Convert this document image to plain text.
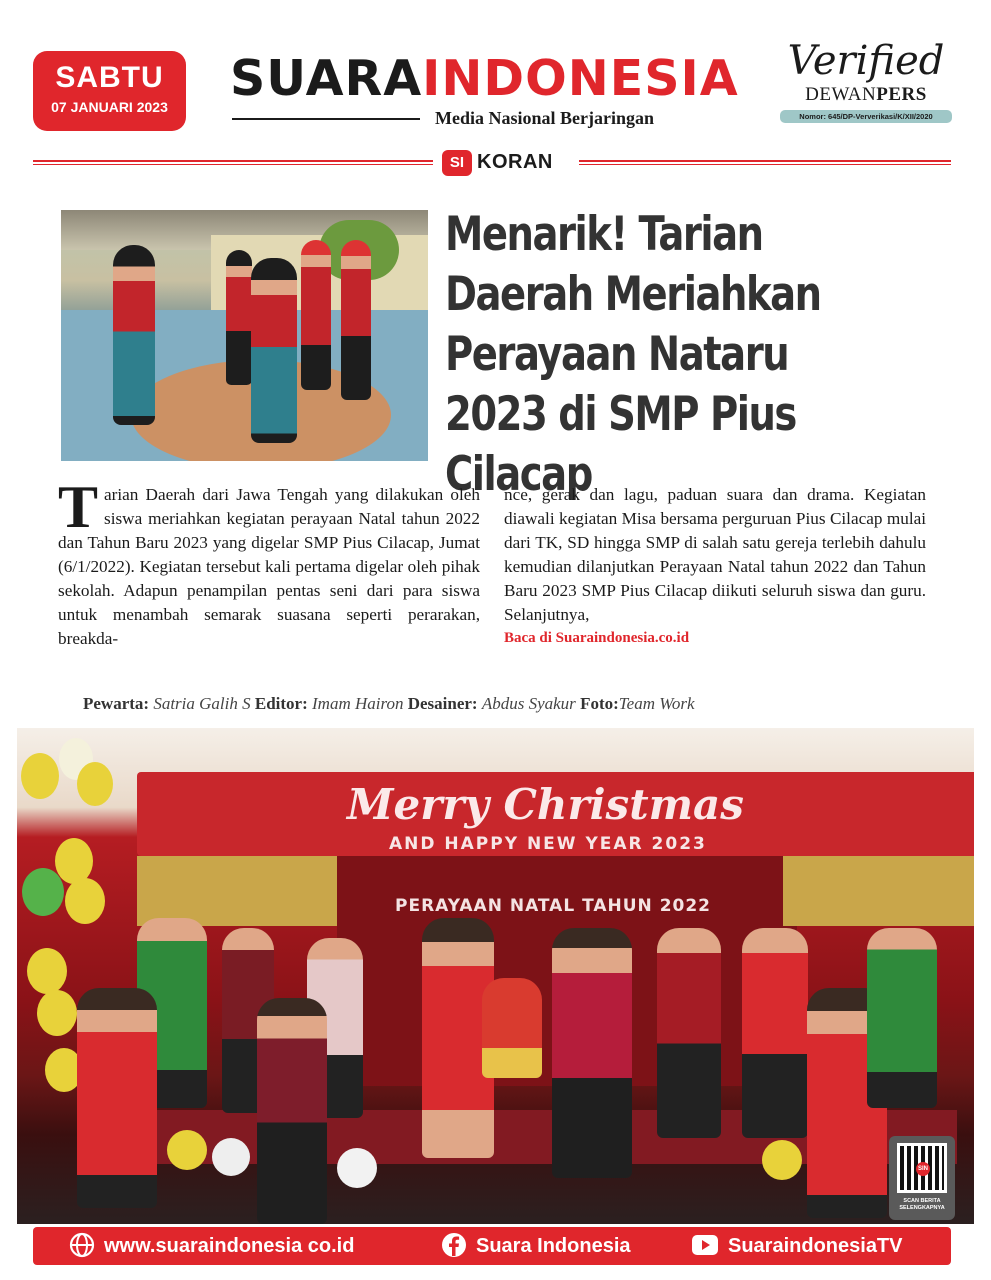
SABTU
07 JANUARI 2023	SUARAINDONESIA
Media Nasional Berjaringan
Verified
DEWANPERS
Nomor: 645/DP-Ververikasi/K/XII/2020
SI KORAN
Menarik! Tarian Daerah Meriahkan Perayaan Nataru 2023 di SMP Pius Cilacap
Tarian Daerah dari Jawa Tengah yang dilakukan oleh siswa meriahkan kegiatan perayaan Natal tahun 2022 dan Tahun Baru 2023 yang digelar SMP Pius Cilacap, Jumat (6/1/2022). Kegiatan tersebut kali pertama digelar oleh pihak sekolah. Adapun penampilan pentas seni dari para siswa untuk menambah semarak suasana seperti perarakan, breakda-
nce, gerak dan lagu, paduan suara dan drama. Kegiatan diawali kegiatan Misa bersama perguruan Pius Cilacap mulai dari TK, SD hingga SMP di salah satu gereja terlebih dahulu kemudian dilanjutkan Perayaan Natal tahun 2022 dan Tahun Baru 2023 SMP Pius Cilacap diikuti seluruh siswa dan guru. Selanjutnya,
Baca di Suaraindonesia.co.id
Pewarta: Satria Galih S Editor: Imam Hairon Desainer: Abdus Syakur Foto:Team Work
Merry Christmas
AND HAPPY NEW YEAR 2023
PERAYAAN NATAL TAHUN 2022
SIN
SCAN BERITA SELENGKAPNYA
www.suaraindonesia co.id	Suara Indonesia	SuaraindonesiaTV
